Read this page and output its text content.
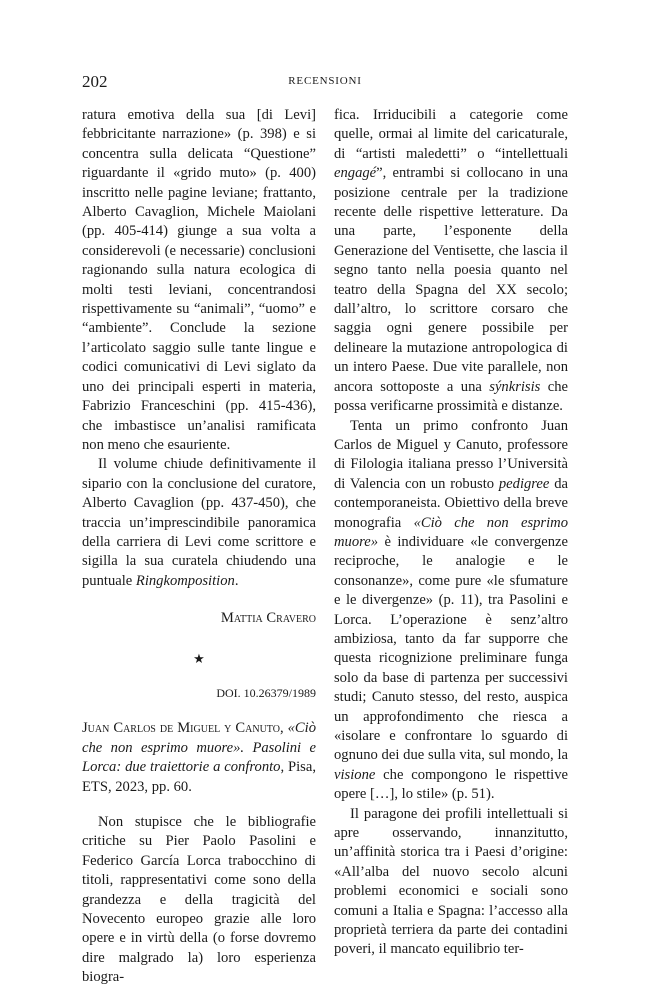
202	RECENSIONI

ratura emotiva della sua [di Levi] febbricitante narrazione» (p. 398) e si concentra sulla delicata “Questione” riguardante il «grido muto» (p. 400) inscritto nelle pagine leviane; frattanto, Alberto Cavaglion, Michele Maiolani (pp. 405-414) giunge a sua volta a considerevoli (e necessarie) conclusioni ragionando sulla natura ecologica di molti testi leviani, concentrandosi rispettivamente su “animali”, “uomo” e “ambiente”. Conclude la sezione l’articolato saggio sulle tante lingue e codici comunicativi di Levi siglato da uno dei principali esperti in materia, Fabrizio Franceschini (pp. 415-436), che imbastisce un’analisi ramificata non meno che esauriente.

Il volume chiude definitivamente il sipario con la conclusione del curatore, Alberto Cavaglion (pp. 437-450), che traccia un’imprescindibile panoramica della carriera di Levi come scrittore e sigilla la sua curatela chiudendo una puntuale Ringkomposition.

Mattia Cravero

★

DOI. 10.26379/1989

Juan Carlos de Miguel y Canuto, «Ciò che non esprimo muore». Pasolini e Lorca: due traiettorie a confronto, Pisa, ETS, 2023, pp. 60.

Non stupisce che le bibliografie critiche su Pier Paolo Pasolini e Federico García Lorca trabocchino di titoli, rappresentativi come sono della grandezza e della tragicità del Novecento europeo grazie alle loro opere e in virtù della (o forse dovremo dire malgrado la) loro esperienza biogra-

fica. Irriducibili a categorie come quelle, ormai al limite del caricaturale, di “artisti maledetti” o “intellettuali engagé”, entrambi si collocano in una posizione centrale per la tradizione recente delle rispettive letterature. Da una parte, l’esponente della Generazione del Ventisette, che lascia il segno tanto nella poesia quanto nel teatro della Spagna del XX secolo; dall’altro, lo scrittore corsaro che saggia ogni genere possibile per delineare la mutazione antropologica di un intero Paese. Due vite parallele, non ancora sottoposte a una sýnkrisis che possa verificarne prossimità e distanze.

Tenta un primo confronto Juan Carlos de Miguel y Canuto, professore di Filologia italiana presso l’Università di Valencia con un robusto pedigree da contemporaneista. Obiettivo della breve monografia «Ciò che non esprimo muore» è individuare «le convergenze reciproche, le analogie e le consonanze», come pure «le sfumature e le divergenze» (p. 11), tra Pasolini e Lorca. L’operazione è senz’altro ambiziosa, tanto da far supporre che questa ricognizione preliminare funga solo da base di partenza per successivi studi; Canuto stesso, del resto, auspica un approfondimento che riesca a «isolare e confrontare lo sguardo di ognuno dei due sulla vita, sul mondo, la visione che compongono le rispettive opere […], lo stile» (p. 51).

Il paragone dei profili intellettuali si apre osservando, innanzitutto, un’affinità storica tra i Paesi d’origine: «All’alba del nuovo secolo alcuni problemi economici e sociali sono comuni a Italia e Spagna: l’accesso alla proprietà terriera da parte dei contadini poveri, il mancato equilibrio ter-
